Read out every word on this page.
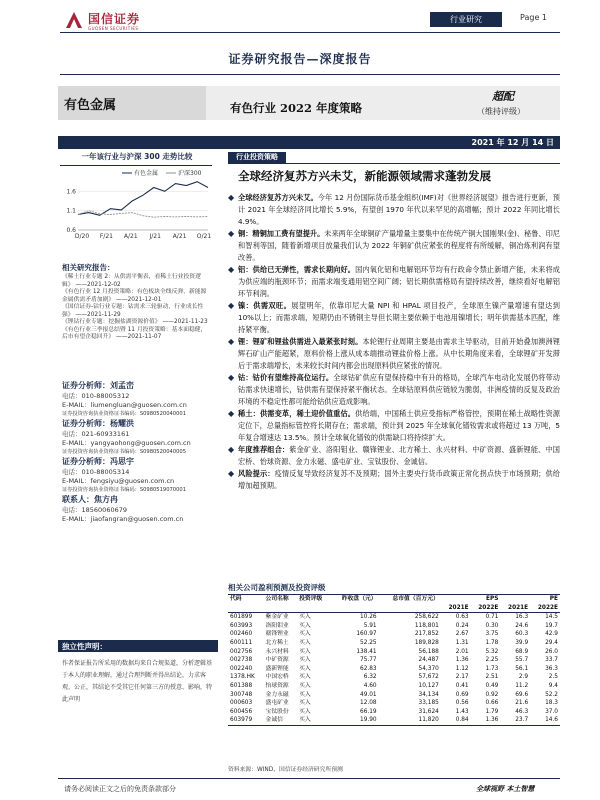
国信证券
GUOSEN SECURITIES
行业研究	Page 1
证券研究报告—深度报告
有色金属	有色行业 2022 年度策略
超配
（维持评级）
2021 年 12 月 14 日
一年该行业与沪深 300 走势比较
1.6
1.1
0.6
D/20 F/21 A/21 J/21 A/21 O/21
有色金属	沪深300
相关研究报告：
《稀土行业专题 2：从供需平衡表，看稀土行业投资逻辑》 ——2021-12-02
《有色行业 12 月投资策略：有色板块全线反弹，新能源金属供需矛盾加剧》 ——2021-12-01
《国信证券-钴行业专题：钴需求三轮驱动，行业成长性强》 ——2021-11-29
《锂钴行业专题：挖掘盐湖资源价值》 ——2021-11-23
《有色行业三季报总结暨 11 月投资策略：基本面稳健，后市有望企稳回升》 ——2021-11-07
证券分析师：刘孟峦
电话：010-88005312
E-MAIL：liumengluan@guosen.com.cn
证券投资咨询执业资格证书编码：S0980520040001
证券分析师：杨耀洪
电话：021-60933161
E-MAIL：yangyaohong@guosen.com.cn
证券投资咨询执业资格证书编码：S0980520040005
证券分析师：冯思宇
电话：010-88005314
E-MAIL：fengsiyu@guosen.com.cn
证券投资咨询执业资格证书编码：S0980519070001
联系人：焦方冉
电话：18560060679
E-MAIL：jiaofangran@guosen.com.cn
独立性声明：
作者保证报告所采用的数据均来自合规渠道，分析逻辑基于本人的职业理解，通过合理判断并得出结论，力求客观、公正，其结论不受其它任何第三方的授意、影响，特此声明
行业投资策略
全球经济复苏方兴未艾，新能源领域需求蓬勃发展
◆ 全球经济复苏方兴未艾。今年 12 月份国际货币基金组织(IMF)对《世界经济展望》报告进行更新，预计 2021 年全球经济同比增长 5.9%，有望创 1970 年代以来罕见的高增幅；预计 2022 年同比增长 4.9%。
◆ 铜：精铜加工费有望提升。未来两年全球铜矿产量增量主要集中在传统产铜大国刚果(金)、秘鲁、印尼和智利等国，随着新增项目放量我们认为 2022 年铜矿供应紧张的程度将有所缓解，铜冶炼利润有望改善。
◆ 铝：供给已无弹性，需求长期向好。国内氧化铝和电解铝环节均有行政命令禁止新增产能，未来将成为供应端的瓶颈环节；而需求端变通用铝空间广阔；铝长期供需格局有望持续改善，继续看好电解铝环节利润。
◆ 镍：供需双旺。展望明年，依靠印尼大量 NPI 和 HPAL 项目投产，全球原生镍产量增速有望达到 10%以上；而需求端，短期仍由不锈钢主导但长期主要依赖于电池用镍增长；明年供需基本匹配，维持紧平衡。
◆ 锂：锂矿和锂盐供需进入最紧张时刻。本轮锂行业周期主要是由需求主导驱动，目前开始叠加澳洲锂辉石矿山产能超紧，原料价格上涨从成本端推动锂盐价格上涨。从中长期角度来看，全球锂矿开发滞后于需求端增长，未来较长时间内都会出现原料供应紧张的情况。
◆ 钴：钴价有望维持高位运行。全球钴矿供应有望保持稳中有升的格局，全球汽车电动化发展仍将带动钴需求快速增长，钴供需有望保持紧平衡状态。全球钴原料供应链较为脆弱，非洲疫情的反复及政治环境的不稳定性都可能给钴供应造成影响。
◆ 稀土：供需变革，稀土迎价值重估。供给端，中国稀土供应受指标严格管控，预期在稀土战略性资源定位下，总量指标管控将长期存在；需求端，预计到 2025 年全球氧化镨钕需求或将超过 13 万吨，5 年复合增速达 13.5%。预计全球氧化镨钕的供需缺口将持续扩大。
◆ 年度推荐组合：紫金矿业、洛阳钼业、赣锋锂业、北方稀土、永兴材料、中矿资源、盛新锂能、中国宏桥、怡球资源、金力永磁、盛屯矿业、宝钛股份、金诚信。
◆ 风险提示：疫情反复导致经济复苏不及预期；国外主要央行货币政策正常化拐点快于市场预期；供给增加超预期。
相关公司盈利预测及投资评级
代码	公司名称	投资评级	昨收盘（元）	总市值（百万元）	EPS		PE	
					2021E	2022E	2021E	2022E
601899	紫金矿业	买入	10.26	258,622	0.63	0.71	16.3	14.5
603993	洛阳钼业	买入	5.91	118,801	0.24	0.30	24.6	19.7
002460	赣锋锂业	买入	160.97	217,852	2.67	3.75	60.3	42.9
600111	北方稀土	买入	52.25	189,828	1.31	1.78	39.9	29.4
002756	永兴材料	买入	138.41	56,188	2.01	5.32	68.9	26.0
002738	中矿资源	买入	75.77	24,487	1.36	2.25	55.7	33.7
002240	盛新锂能	买入	62.83	54,370	1.12	1.73	56.1	36.3
1378.HK	中国宏桥	买入	6.32	57,672	2.17	2.51	2.9	2.5
601388	怡球资源	买入	4.60	10,127	0.41	0.49	11.2	9.4
300748	金力永磁	买入	49.01	34,134	0.69	0.92	69.6	52.2
000603	盛屯矿业	买入	12.08	33,185	0.56	0.66	21.6	18.3
600456	宝钛股份	买入	66.19	31,624	1.43	1.79	46.3	37.0
603979	金诚信	买入	19.90	11,820	0.84	1.36	23.7	14.6
资料来源：WIND、国信证券经济研究所预测
请务必阅读正文之后的免责条款部分	全球视野 本土智慧
